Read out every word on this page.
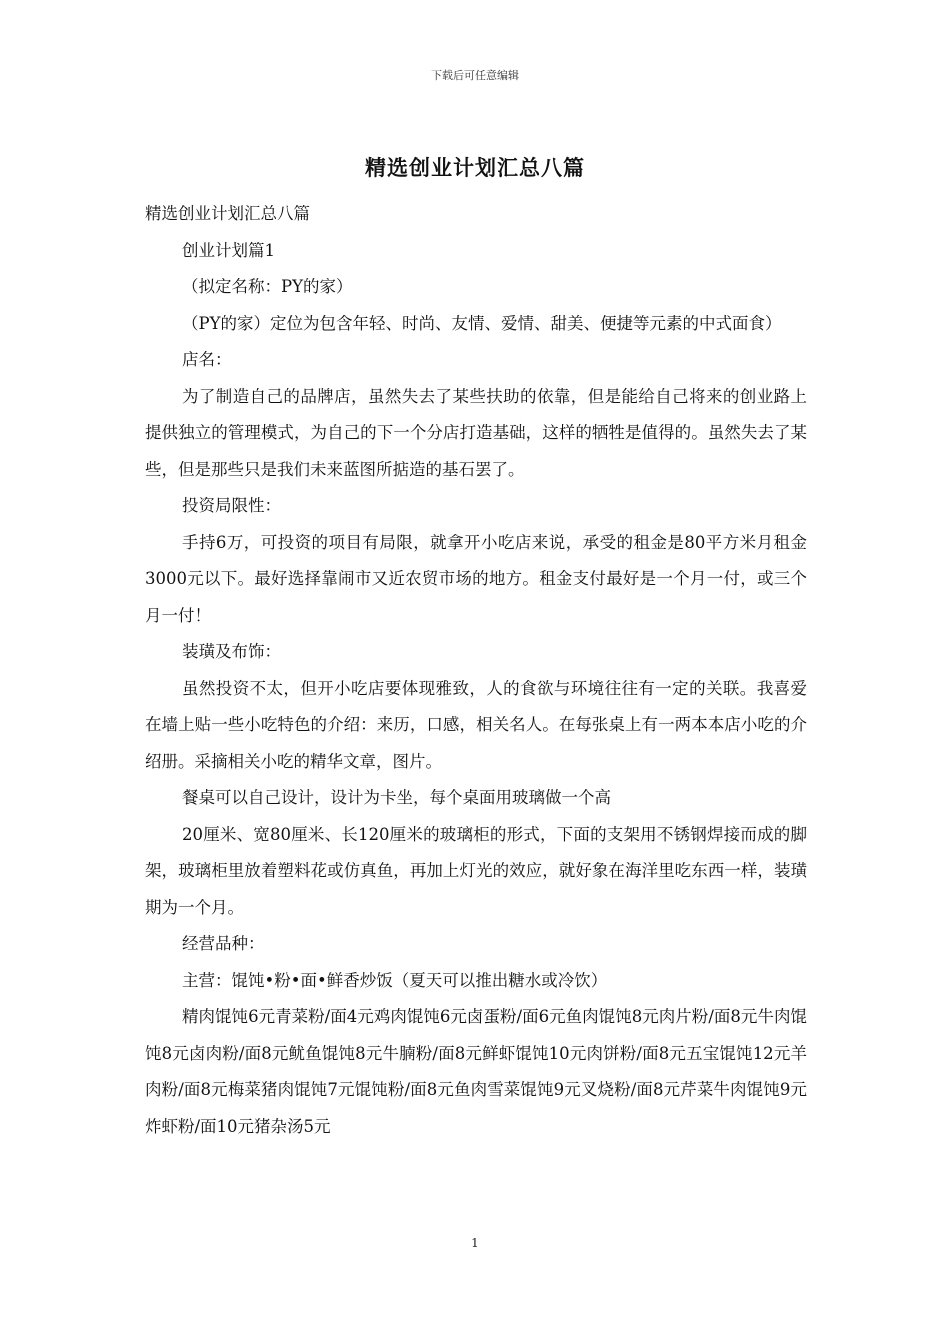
下载后可任意编辑
精选创业计划汇总八篇

精选创业计划汇总八篇

创业计划篇1

（拟定名称：PY的家）

（PY的家）定位为包含年轻、时尚、友情、爱情、甜美、便捷等元素的中式面食）

店名：

为了制造自己的品牌店，虽然失去了某些扶助的依靠，但是能给自己将来的创业路上提供独立的管理模式，为自己的下一个分店打造基础，这样的牺牲是值得的。虽然失去了某些，但是那些只是我们未来蓝图所掂造的基石罢了。

投资局限性：

手持6万，可投资的项目有局限，就拿开小吃店来说，承受的租金是80平方米月租金3000元以下。最好选择靠闹市又近农贸市场的地方。租金支付最好是一个月一付，或三个月一付！

装璜及布饰：

虽然投资不太，但开小吃店要体现雅致，人的食欲与环境往往有一定的关联。我喜爱在墙上贴一些小吃特色的介绍：来历，口感，相关名人。在每张桌上有一两本本店小吃的介绍册。采摘相关小吃的精华文章，图片。

餐桌可以自己设计，设计为卡坐，每个桌面用玻璃做一个高

20厘米、宽80厘米、长120厘米的玻璃柜的形式，下面的支架用不锈钢焊接而成的脚架，玻璃柜里放着塑料花或仿真鱼，再加上灯光的效应，就好象在海洋里吃东西一样，装璜期为一个月。

经营品种：

主营：馄饨•粉•面•鲜香炒饭（夏天可以推出糖水或冷饮）

精肉馄饨6元青菜粉/面4元鸡肉馄饨6元卤蛋粉/面6元鱼肉馄饨8元肉片粉/面8元牛肉馄饨8元卤肉粉/面8元鱿鱼馄饨8元牛腩粉/面8元鲜虾馄饨10元肉饼粉/面8元五宝馄饨12元羊肉粉/面8元梅菜猪肉馄饨7元馄饨粉/面8元鱼肉雪菜馄饨9元叉烧粉/面8元芹菜牛肉馄饨9元炸虾粉/面10元猪杂汤5元

1
